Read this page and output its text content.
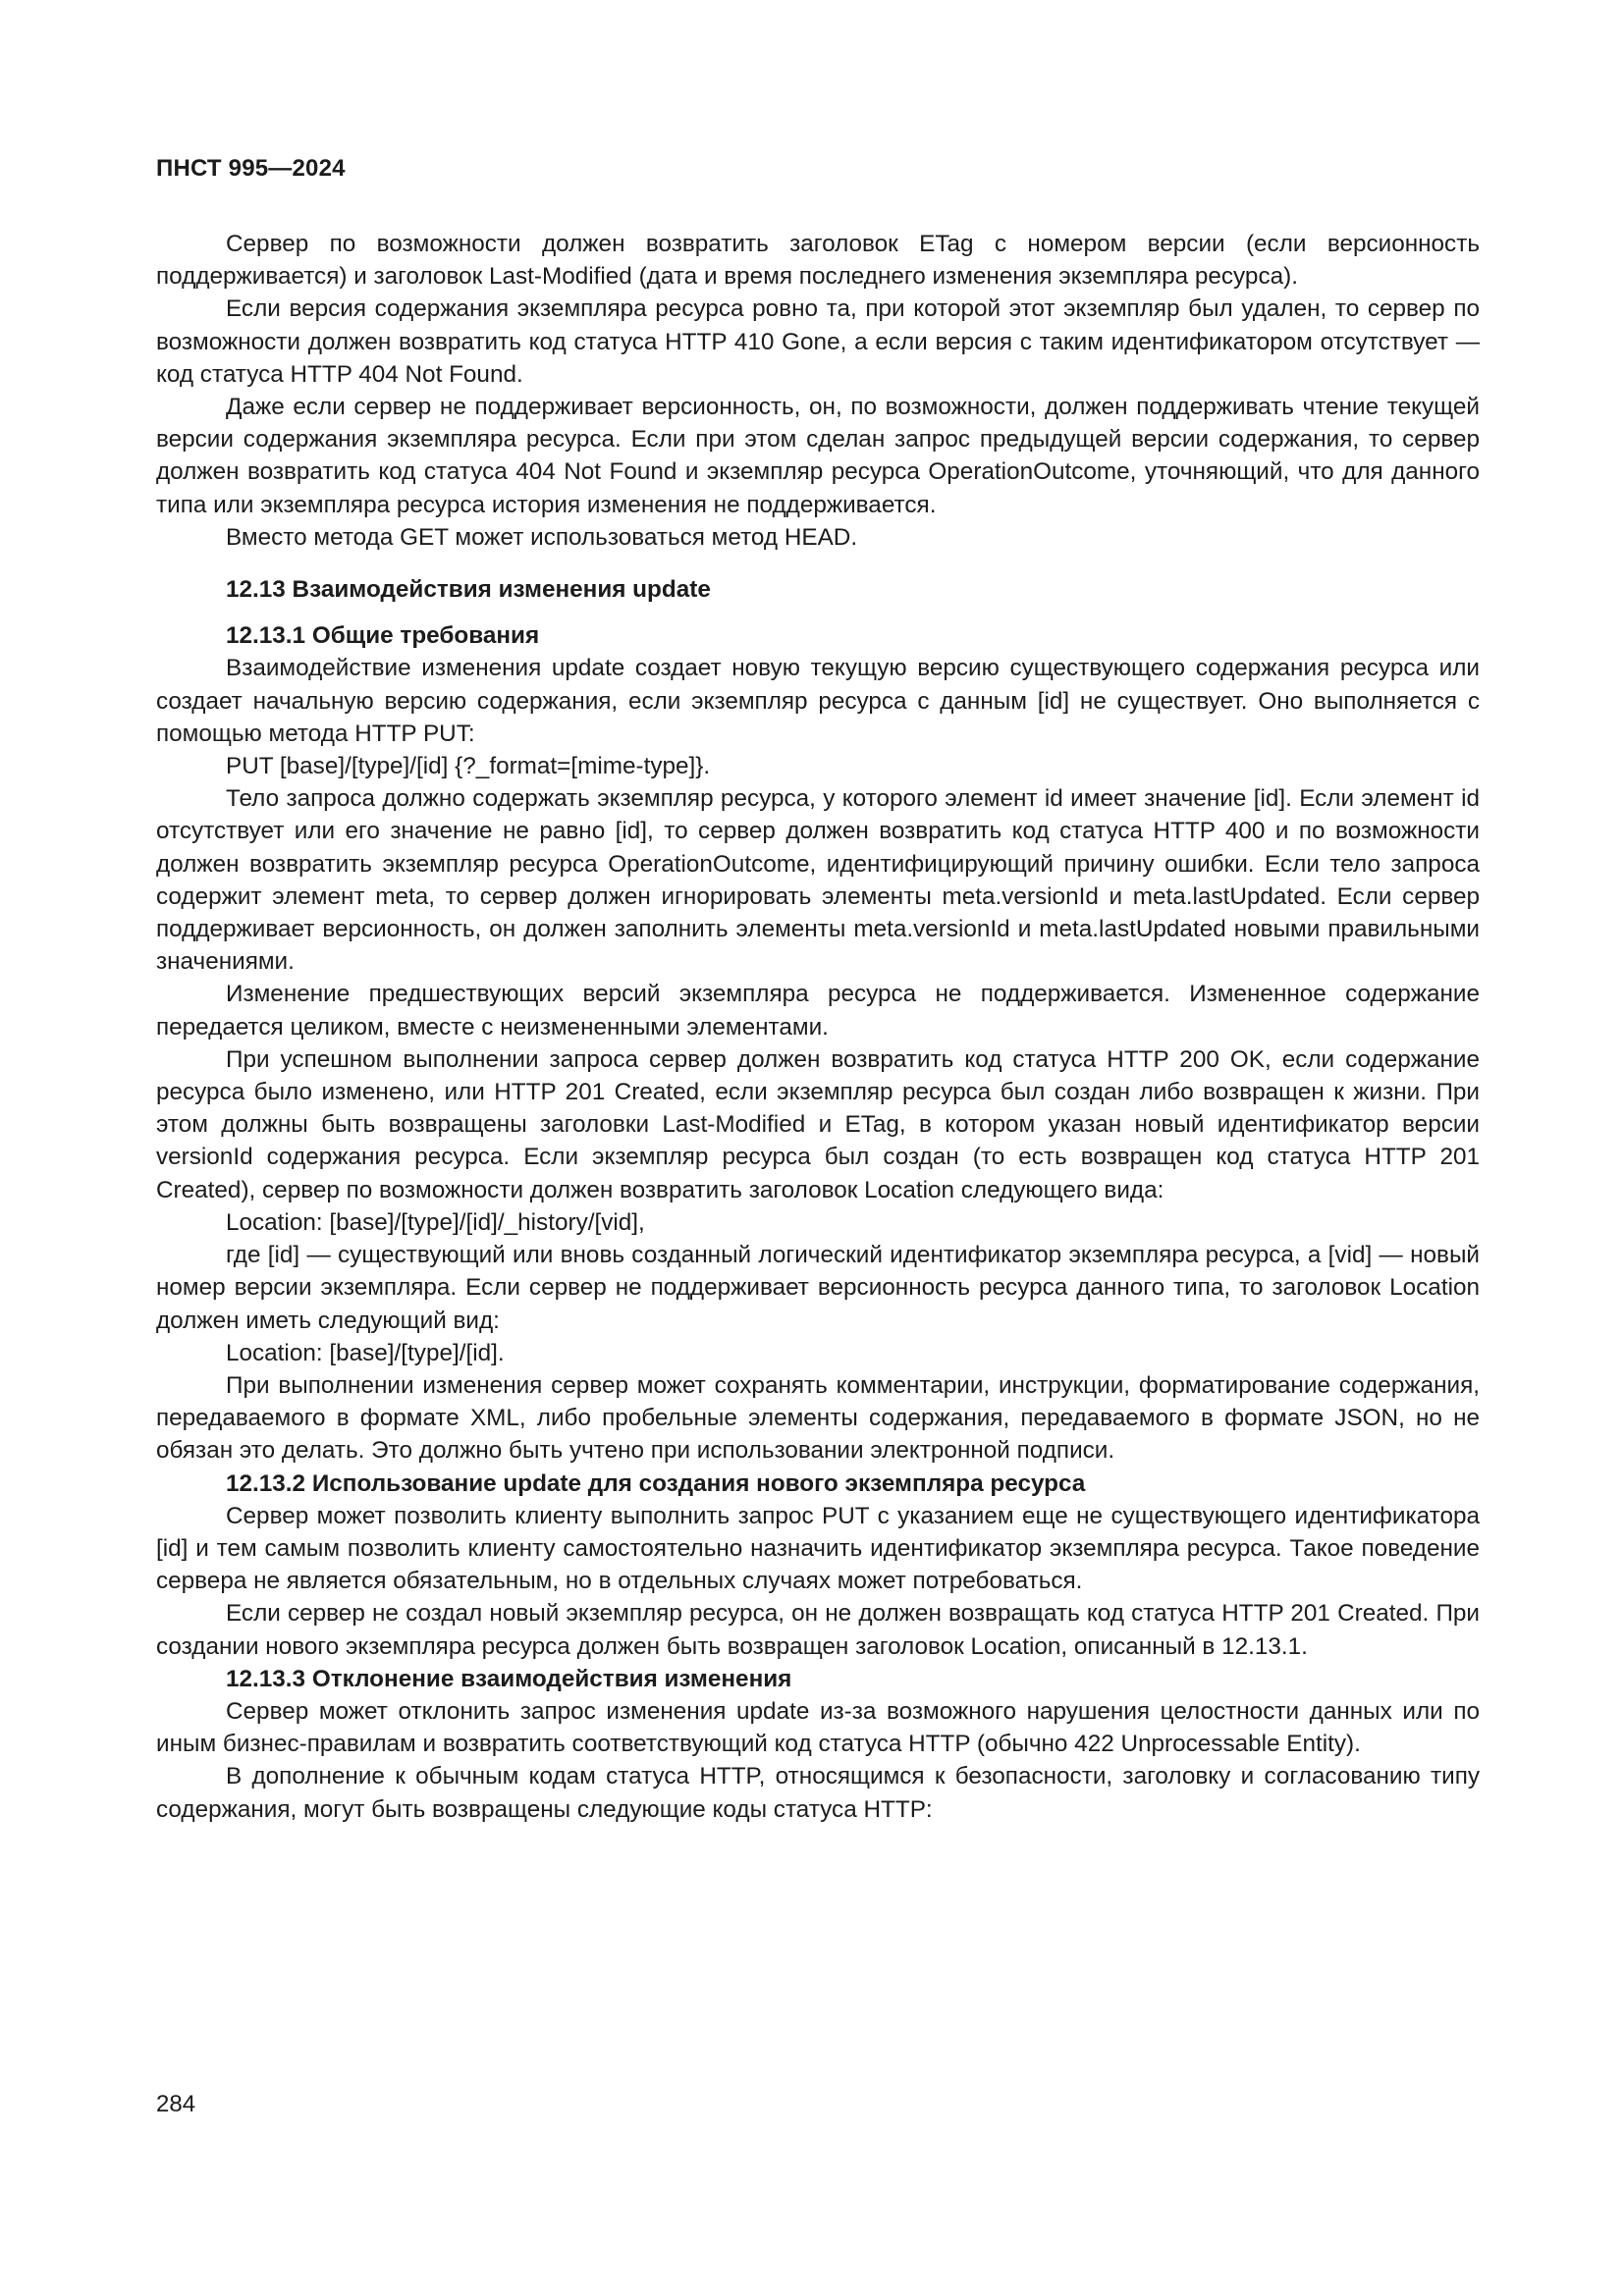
ПНСТ 995—2024

Сервер по возможности должен возвратить заголовок ETag с номером версии (если версионность поддерживается) и заголовок Last-Modified (дата и время последнего изменения экземпляра ресурса).

Если версия содержания экземпляра ресурса ровно та, при которой этот экземпляр был удален, то сервер по возможности должен возвратить код статуса HTTP 410 Gone, а если версия с таким идентификатором отсутствует — код статуса HTTP 404 Not Found.

Даже если сервер не поддерживает версионность, он, по возможности, должен поддерживать чтение текущей версии содержания экземпляра ресурса. Если при этом сделан запрос предыдущей версии содержания, то сервер должен возвратить код статуса 404 Not Found и экземпляр ресурса OperationOutcome, уточняющий, что для данного типа или экземпляра ресурса история изменения не поддерживается.

Вместо метода GET может использоваться метод HEAD.

12.13 Взаимодействия изменения update
12.13.1 Общие требования

Взаимодействие изменения update создает новую текущую версию существующего содержания ресурса или создает начальную версию содержания, если экземпляр ресурса с данным [id] не существует. Оно выполняется с помощью метода HTTP PUT:

PUT [base]/[type]/[id] {?_format=[mime-type]}.

Тело запроса должно содержать экземпляр ресурса, у которого элемент id имеет значение [id]. Если элемент id отсутствует или его значение не равно [id], то сервер должен возвратить код статуса HTTP 400 и по возможности должен возвратить экземпляр ресурса OperationOutcome, идентифицирующий причину ошибки. Если тело запроса содержит элемент meta, то сервер должен игнорировать элементы meta.versionId и meta.lastUpdated. Если сервер поддерживает версионность, он должен заполнить элементы meta.versionId и meta.lastUpdated новыми правильными значениями.

Изменение предшествующих версий экземпляра ресурса не поддерживается. Измененное содержание передается целиком, вместе с неизмененными элементами.

При успешном выполнении запроса сервер должен возвратить код статуса HTTP 200 OK, если содержание ресурса было изменено, или HTTP 201 Created, если экземпляр ресурса был создан либо возвращен к жизни. При этом должны быть возвращены заголовки Last-Modified и ETag, в котором указан новый идентификатор версии versionId содержания ресурса. Если экземпляр ресурса был создан (то есть возвращен код статуса HTTP 201 Created), сервер по возможности должен возвратить заголовок Location следующего вида:

Location: [base]/[type]/[id]/_history/[vid],

где [id] — существующий или вновь созданный логический идентификатор экземпляра ресурса, а [vid] — новый номер версии экземпляра. Если сервер не поддерживает версионность ресурса данного типа, то заголовок Location должен иметь следующий вид:

Location: [base]/[type]/[id].

При выполнении изменения сервер может сохранять комментарии, инструкции, форматирование содержания, передаваемого в формате XML, либо пробельные элементы содержания, передаваемого в формате JSON, но не обязан это делать. Это должно быть учтено при использовании электронной подписи.

12.13.2 Использование update для создания нового экземпляра ресурса

Сервер может позволить клиенту выполнить запрос PUT с указанием еще не существующего идентификатора [id] и тем самым позволить клиенту самостоятельно назначить идентификатор экземпляра ресурса. Такое поведение сервера не является обязательным, но в отдельных случаях может потребоваться.

Если сервер не создал новый экземпляр ресурса, он не должен возвращать код статуса HTTP 201 Created. При создании нового экземпляра ресурса должен быть возвращен заголовок Location, описанный в 12.13.1.

12.13.3 Отклонение взаимодействия изменения

Сервер может отклонить запрос изменения update из-за возможного нарушения целостности данных или по иным бизнес-правилам и возвратить соответствующий код статуса HTTP (обычно 422 Unprocessable Entity).

В дополнение к обычным кодам статуса HTTP, относящимся к безопасности, заголовку и согласованию типу содержания, могут быть возвращены следующие коды статуса HTTP:

284
